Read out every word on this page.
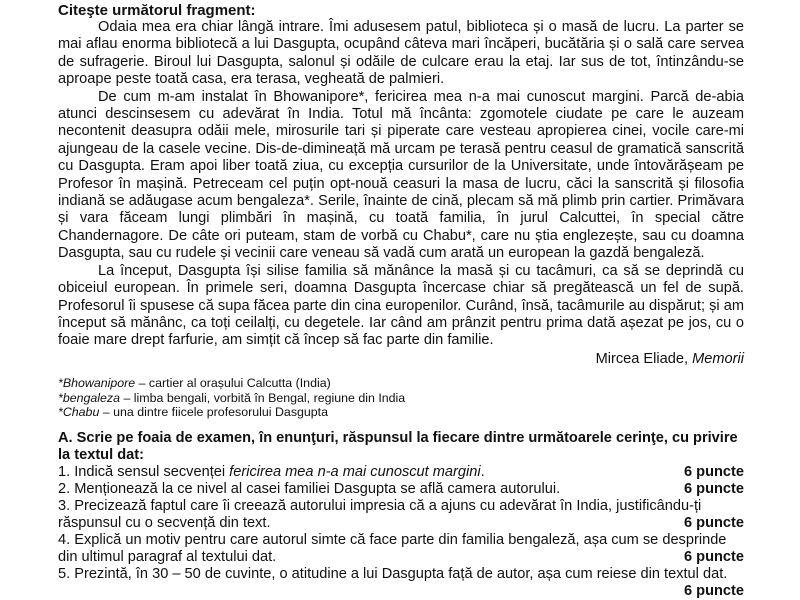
Citeşte următorul fragment:

Odaia mea era chiar lângă intrare. Îmi adusesem patul, biblioteca și o masă de lucru. La parter se mai aflau enorma bibliotecă a lui Dasgupta, ocupând câteva mari încăperi, bucătăria și o sală care servea de sufragerie. Biroul lui Dasgupta, salonul și odăile de culcare erau la etaj. Iar sus de tot, întinzându-se aproape peste toată casa, era terasa, vegheată de palmieri.

De cum m-am instalat în Bhowanipore*, fericirea mea n-a mai cunoscut margini. Parcă de-abia atunci descinsesem cu adevărat în India. Totul mă încânta: zgomotele ciudate pe care le auzeam necontenit deasupra odăii mele, mirosurile tari și piperate care vesteau apropierea cinei, vocile care-mi ajungeau de la casele vecine. Dis-de-dimineață mă urcam pe terasă pentru ceasul de gramatică sanscrită cu Dasgupta. Eram apoi liber toată ziua, cu excepția cursurilor de la Universitate, unde întovărășeam pe Profesor în mașină. Petreceam cel puțin opt-nouă ceasuri la masa de lucru, căci la sanscrită și filosofia indiană se adăugase acum bengaleza*. Serile, înainte de cină, plecam să mă plimb prin cartier. Primăvara și vara făceam lungi plimbări în mașină, cu toată familia, în jurul Calcuttei, în special către Chandernagore. De câte ori puteam, stam de vorbă cu Chabu*, care nu știa englezește, sau cu doamna Dasgupta, sau cu rudele și vecinii care veneau să vadă cum arată un european la gazdă bengaleză.

La început, Dasgupta își silise familia să mănânce la masă și cu tacâmuri, ca să se deprindă cu obiceiul european. În primele seri, doamna Dasgupta încercase chiar să pregătească un fel de supă. Profesorul îi spusese că supa făcea parte din cina europenilor. Curând, însă, tacâmurile au dispărut; și am început să mănânc, ca toți ceilalți, cu degetele. Iar când am prânzit pentru prima dată așezat pe jos, cu o foaie mare drept farfurie, am simțit că încep să fac parte din familie.

Mircea Eliade, Memorii
*Bhowanipore – cartier al orașului Calcutta (India)
*bengaleza – limba bengali, vorbită în Bengal, regiune din India
*Chabu – una dintre fiicele profesorului Dasgupta
A. Scrie pe foaia de examen, în enunţuri, răspunsul la fiecare dintre următoarele cerinţe, cu privire la textul dat:
6 puncte
1. Indică sensul secvenței fericirea mea n-a mai cunoscut margini.
6 puncte
2. Menționează la ce nivel al casei familiei Dasgupta se află camera autorului.
3. Precizează faptul care îi creează autorului impresia că a ajuns cu adevărat în India, justificându-ți răspunsul cu o secvență din text.	6 puncte
4. Explică un motiv pentru care autorul simte că face parte din familia bengaleză, așa cum se desprinde din ultimul paragraf al textului dat.	6 puncte
5. Prezintă, în 30 – 50 de cuvinte, o atitudine a lui Dasgupta față de autor, așa cum reiese din textul dat.
6 puncte
